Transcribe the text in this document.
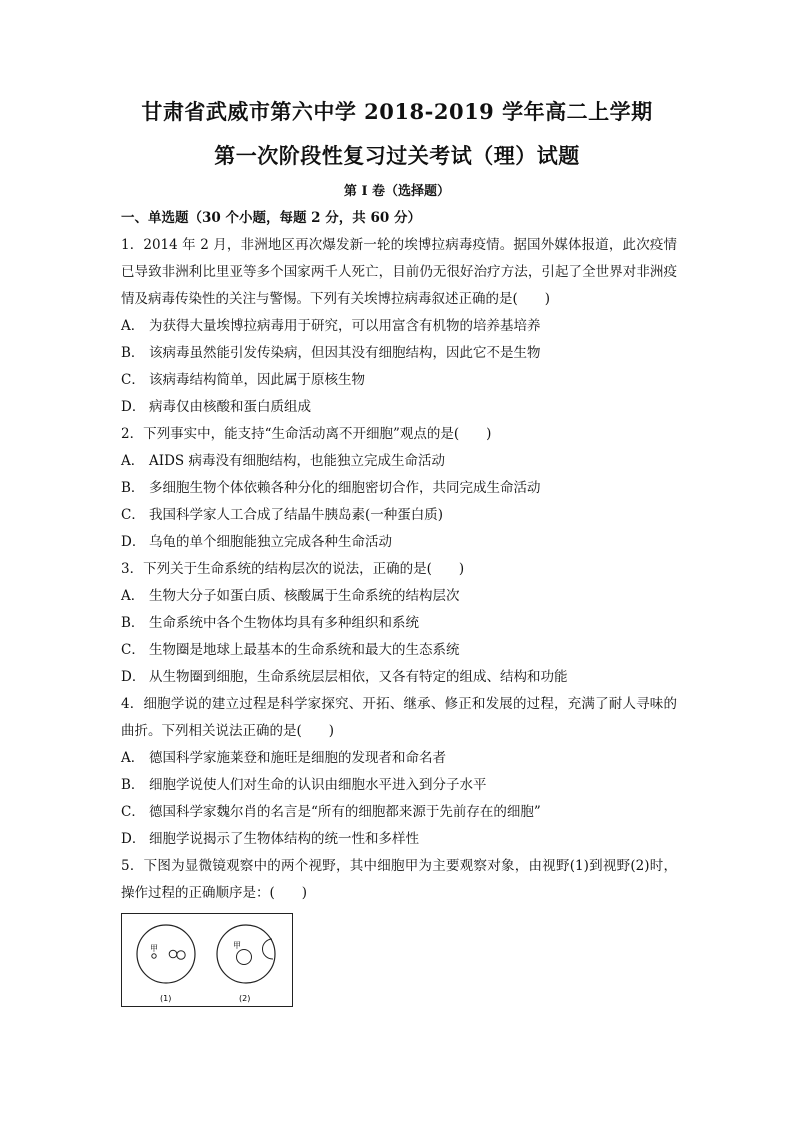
甘肃省武威市第六中学 2018-2019 学年高二上学期
第一次阶段性复习过关考试（理）试题
第 I 卷（选择题）
一、单选题（30 个小题，每题 2 分，共 60 分）

1．2014 年 2 月，非洲地区再次爆发新一轮的埃博拉病毒疫情。据国外媒体报道，此次疫情已导致非洲利比里亚等多个国家两千人死亡，目前仍无很好治疗方法，引起了全世界对非洲疫情及病毒传染性的关注与警惕。下列有关埃博拉病毒叙述正确的是(　　)

A． 为获得大量埃博拉病毒用于研究，可以用富含有机物的培养基培养
B． 该病毒虽然能引发传染病，但因其没有细胞结构，因此它不是生物
C． 该病毒结构简单，因此属于原核生物
D． 病毒仅由核酸和蛋白质组成

2．下列事实中，能支持“生命活动离不开细胞”观点的是(　　)

A． AIDS 病毒没有细胞结构，也能独立完成生命活动
B． 多细胞生物个体依赖各种分化的细胞密切合作，共同完成生命活动
C． 我国科学家人工合成了结晶牛胰岛素(一种蛋白质)
D． 乌龟的单个细胞能独立完成各种生命活动

3．下列关于生命系统的结构层次的说法，正确的是(　　)

A． 生物大分子如蛋白质、核酸属于生命系统的结构层次
B． 生命系统中各个生物体均具有多种组织和系统
C． 生物圈是地球上最基本的生命系统和最大的生态系统
D． 从生物圈到细胞，生命系统层层相依，又各有特定的组成、结构和功能

4．细胞学说的建立过程是科学家探究、开拓、继承、修正和发展的过程，充满了耐人寻味的曲折。下列相关说法正确的是(　　)

A． 德国科学家施莱登和施旺是细胞的发现者和命名者
B． 细胞学说使人们对生命的认识由细胞水平进入到分子水平
C． 德国科学家魏尔肖的名言是“所有的细胞都来源于先前存在的细胞”
D． 细胞学说揭示了生物体结构的统一性和多样性

5．下图为显微镜观察中的两个视野，其中细胞甲为主要观察对象，由视野(1)到视野(2)时，操作过程的正确顺序是：(　　)

甲
(1)
甲
(2)
